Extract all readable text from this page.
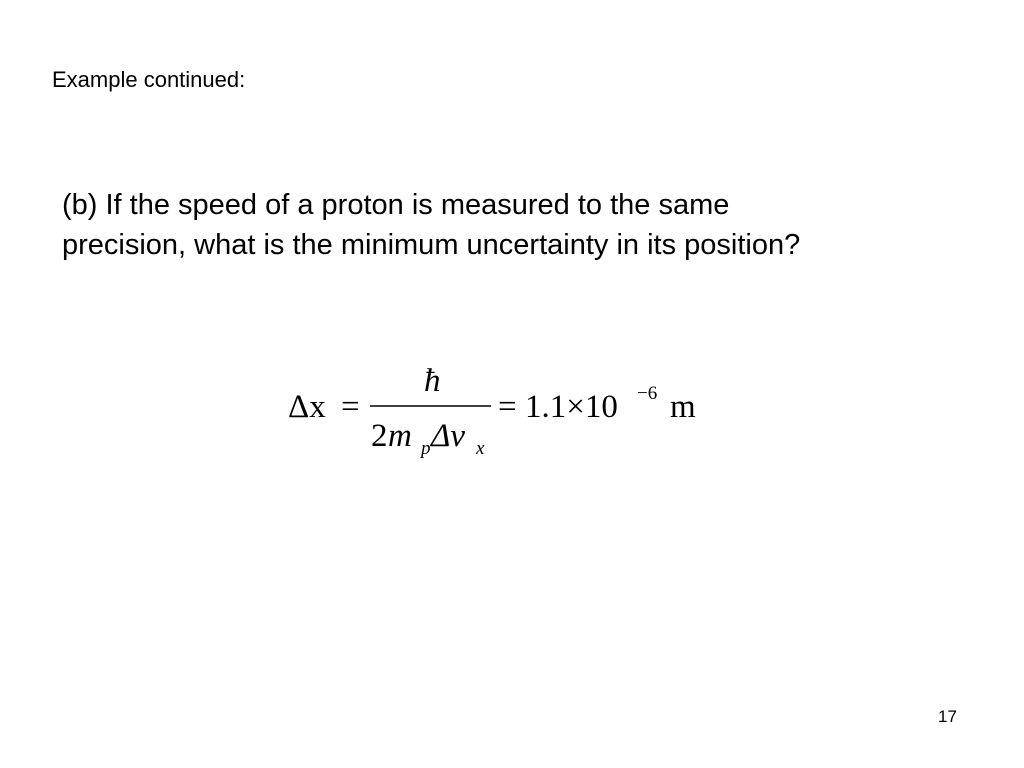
Example continued:
(b) If the speed of a proton is measured to the same
precision, what is the minimum uncertainty in its position?
Δx =
ħ
2 m p Δv x
= 1.1×10 −6 m
17
